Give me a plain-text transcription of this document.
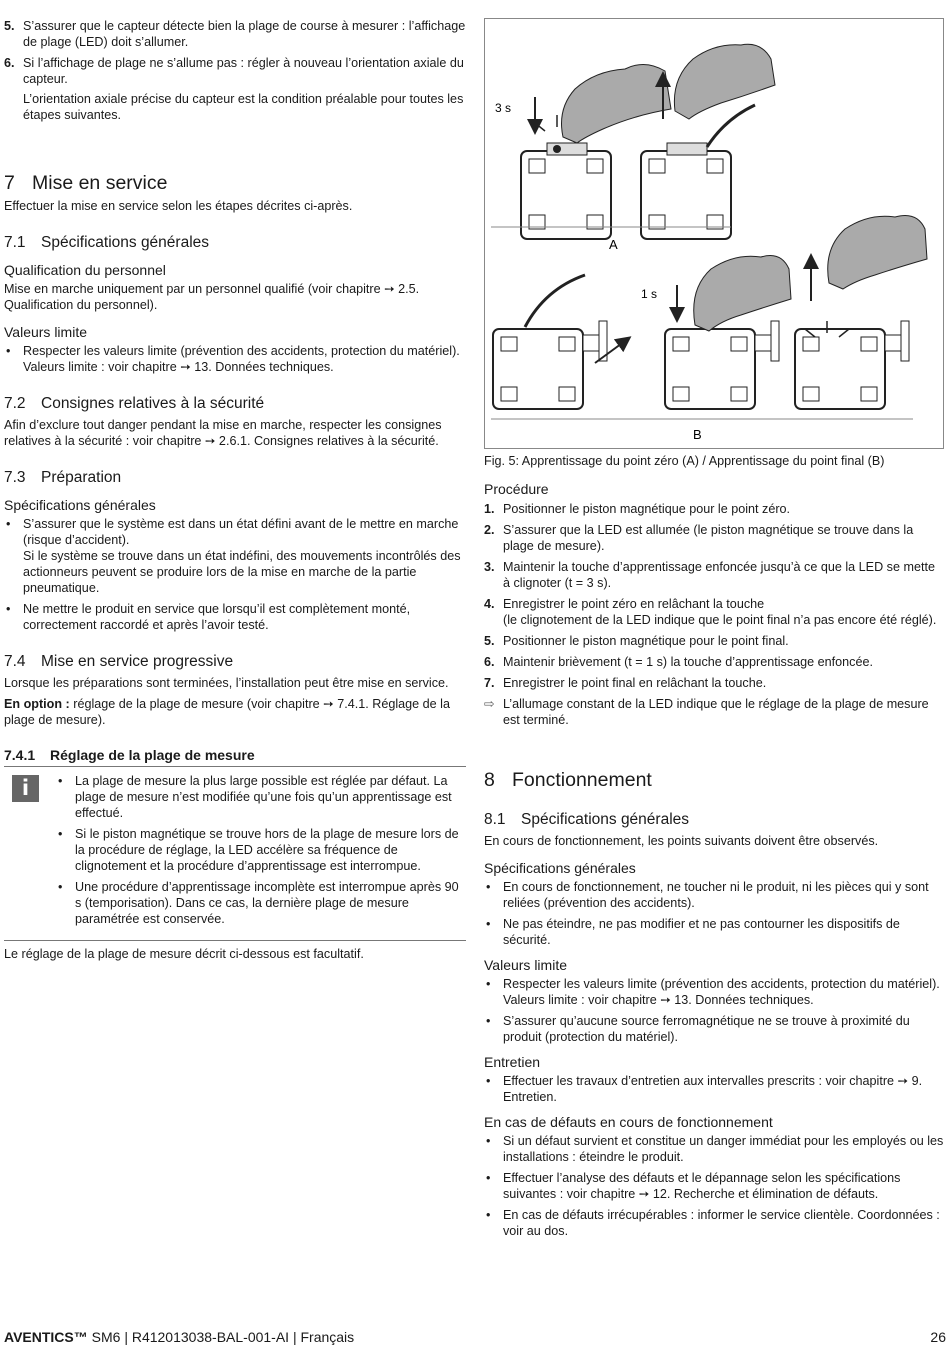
5. S’assurer que le capteur détecte bien la plage de course à mesurer : l’affichage de plage (LED) doit s’allumer.
6. Si l’affichage de plage ne s’allume pas : régler à nouveau l’orientation axiale du capteur.
L’orientation axiale précise du capteur est la condition préalable pour toutes les étapes suivantes.
7 Mise en service

Effectuer la mise en service selon les étapes décrites ci-après.

7.1 Spécifications générales
Qualification du personnel

Mise en marche uniquement par un personnel qualifié (voir chapitre ➙ 2.5. Qualification du personnel).

Valeurs limite
• Respecter les valeurs limite (prévention des accidents, protection du matériel). Valeurs limite : voir chapitre ➙ 13. Données techniques.
7.2 Consignes relatives à la sécurité

Afin d’exclure tout danger pendant la mise en marche, respecter les consignes relatives à la sécurité : voir chapitre ➙ 2.6.1. Consignes relatives à la sécurité.

7.3 Préparation
Spécifications générales
• S’assurer que le système est dans un état défini avant de le mettre en marche (risque d’accident).
Si le système se trouve dans un état indéfini, des mouvements incontrôlés des actionneurs peuvent se produire lors de la mise en marche de la partie pneumatique.
• Ne mettre le produit en service que lorsqu’il est complètement monté, correctement raccordé et après l’avoir testé.
7.4 Mise en service progressive

Lorsque les préparations sont terminées, l’installation peut être mise en service.

En option : réglage de la plage de mesure (voir chapitre ➙ 7.4.1. Réglage de la plage de mesure).

7.4.1 Réglage de la plage de mesure
i
•	La plage de mesure la plus large possible est réglée par défaut. La plage de mesure n’est modifiée qu’une fois qu’un apprentissage est effectué.
• Si le piston magnétique se trouve hors de la plage de mesure lors de la procédure de réglage, la LED accélère sa fréquence de clignotement et la procédure d’apprentissage est interrompue.
• Une procédure d’apprentissage incomplète est interrompue après 90 s (temporisation). Dans ce cas, la dernière plage de mesure paramétrée est conservée.

Le réglage de la plage de mesure décrit ci-dessous est facultatif.

3 s
A
1 s
B

Fig. 5: Apprentissage du point zéro (A) / Apprentissage du point final (B)

Procédure
1. Positionner le piston magnétique pour le point zéro.
2. S’assurer que la LED est allumée (le piston magnétique se trouve dans la plage de mesure).
3. Maintenir la touche d’apprentissage enfoncée jusqu’à ce que la LED se mette à clignoter (t = 3 s).
4. Enregistrer le point zéro en relâchant la touche
(le clignotement de la LED indique que le point final n’a pas encore été réglé).
5. Positionner le piston magnétique pour le point final.
6. Maintenir brièvement (t = 1 s) la touche d’apprentissage enfoncée.
7. Enregistrer le point final en relâchant la touche.
⇨ L’allumage constant de la LED indique que le réglage de la plage de mesure est terminé.
8 Fonctionnement
8.1 Spécifications générales

En cours de fonctionnement, les points suivants doivent être observés.

Spécifications générales
• En cours de fonctionnement, ne toucher ni le produit, ni les pièces qui y sont reliées (prévention des accidents).
• Ne pas éteindre, ne pas modifier et ne pas contourner les dispositifs de sécurité.
Valeurs limite
• Respecter les valeurs limite (prévention des accidents, protection du matériel). Valeurs limite : voir chapitre ➙ 13. Données techniques.
• S’assurer qu’aucune source ferromagnétique ne se trouve à proximité du produit (protection du matériel).
Entretien
• Effectuer les travaux d’entretien aux intervalles prescrits : voir chapitre ➙ 9. Entretien.
En cas de défauts en cours de fonctionnement
• Si un défaut survient et constitue un danger immédiat pour les employés ou les installations : éteindre le produit.
• Effectuer l’analyse des défauts et le dépannage selon les spécifications suivantes : voir chapitre ➙ 12. Recherche et élimination de défauts.
• En cas de défauts irrécupérables : informer le service clientèle. Coordonnées : voir au dos.
AVENTICS™ SM6 | R412013038-BAL-001-AI | Français	26
